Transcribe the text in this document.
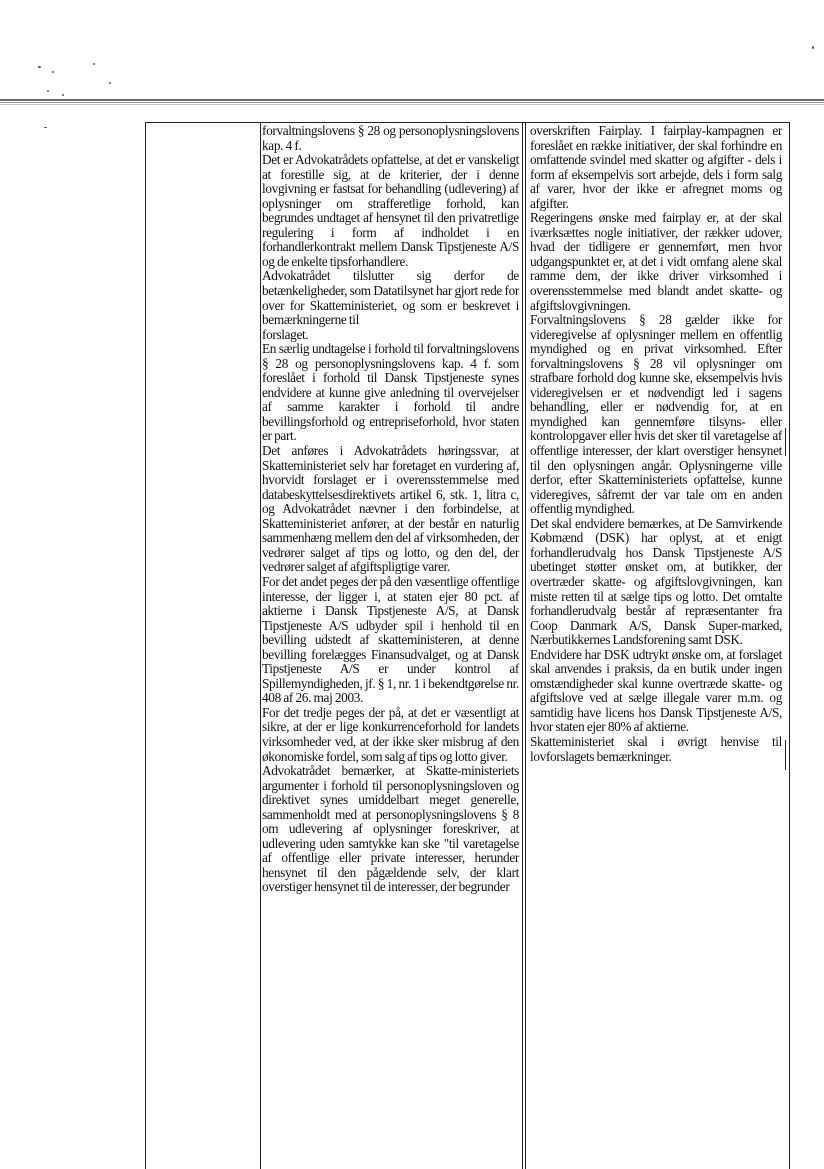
forvaltningslovens § 28 og personoplysningslovens kap. 4 f.

Det er Advokatrådets opfattelse, at det er vanskeligt at forestille sig, at de kriterier, der i denne lovgivning er fastsat for behandling (udlevering) af oplysninger om strafferetlige forhold, kan begrundes undtaget af hensynet til den privatretlige regulering i form af indholdet i en forhandlerkontrakt mellem Dansk Tipstjeneste A/S og de enkelte tipsforhandlere.

Advokatrådet tilslutter sig derfor de betænkeligheder, som Datatilsynet har gjort rede for over for Skatteministeriet, og som er beskrevet i bemærkningerne til

forslaget.

En særlig undtagelse i forhold til forvaltningslovens § 28 og personoplysningslovens kap. 4 f. som foreslået i forhold til Dansk Tipstjeneste synes endvidere at kunne give anledning til overvejelser af samme karakter i forhold til andre bevillingsforhold og entrepriseforhold, hvor staten er part.

Det anføres i Advokatrådets høringssvar, at Skatteministeriet selv har foretaget en vurdering af, hvorvidt forslaget er i overensstemmelse med databeskyttelsesdirektivets artikel 6, stk. 1, litra c, og Advokatrådet nævner i den forbindelse, at Skatteministeriet anfører, at der består en naturlig sammenhæng mellem den del af virksomheden, der vedrører salget af tips og lotto, og den del, der vedrører salget af afgiftspligtige varer.

For det andet peges der på den væsentlige offentlige interesse, der ligger i, at staten ejer 80 pct. af aktierne i Dansk Tipstjeneste A/S, at Dansk Tipstjeneste A/S udbyder spil i henhold til en bevilling udstedt af skatteministeren, at denne bevilling forelægges Finansudvalget, og at Dansk Tipstjeneste A/S er under kontrol af Spillemyndigheden, jf. § 1, nr. 1 i bekendtgørelse nr. 408 af 26. maj 2003.

For det tredje peges der på, at det er væsentligt at sikre, at der er lige konkurrenceforhold for landets virksomheder ved, at der ikke sker misbrug af den økonomiske fordel, som salg af tips og lotto giver.

Advokatrådet bemærker, at Skatte-ministeriets argumenter i forhold til personoplysningsloven og direktivet synes umiddelbart meget generelle, sammenholdt med at personoplysningslovens § 8 om udlevering af oplysninger foreskriver, at udlevering uden samtykke kan ske "til varetagelse af offentlige eller private interesser, herunder hensynet til den pågældende selv, der klart overstiger hensynet til de interesser, der begrunder

overskriften Fairplay. I fairplay-kampagnen er foreslået en række initiativer, der skal forhindre en omfattende svindel med skatter og afgifter - dels i form af eksempelvis sort arbejde, dels i form salg af varer, hvor der ikke er afregnet moms og afgifter.

Regeringens ønske med fairplay er, at der skal iværksættes nogle initiativer, der rækker udover, hvad der tidligere er gennemført, men hvor udgangspunktet er, at det i vidt omfang alene skal ramme dem, der ikke driver virksomhed i overensstemmelse med blandt andet skatte- og afgiftslovgivningen.

Forvaltningslovens § 28 gælder ikke for videregivelse af oplysninger mellem en offentlig myndighed og en privat virksomhed. Efter forvaltningslovens § 28 vil oplysninger om strafbare forhold dog kunne ske, eksempelvis hvis videregivelsen er et nødvendigt led i sagens behandling, eller er nødvendig for, at en myndighed kan gennemføre tilsyns- eller kontrolopgaver eller hvis det sker til varetagelse af offentlige interesser, der klart overstiger hensynet til den oplysningen angår. Oplysningerne ville derfor, efter Skatteministeriets opfattelse, kunne videregives, såfremt der var tale om en anden offentlig myndighed.

Det skal endvidere bemærkes, at De Samvirkende Købmænd (DSK) har oplyst, at et enigt forhandlerudvalg hos Dansk Tipstjeneste A/S ubetinget støtter ønsket om, at butikker, der overtræder skatte- og afgiftslovgivningen, kan miste retten til at sælge tips og lotto. Det omtalte forhandlerudvalg består af repræsentanter fra Coop Danmark A/S, Dansk Super-marked, Nærbutikkernes Landsforening samt DSK.

Endvidere har DSK udtrykt ønske om, at forslaget skal anvendes i praksis, da en butik under ingen omstændigheder skal kunne overtræde skatte- og afgiftslove ved at sælge illegale varer m.m. og samtidig have licens hos Dansk Tipstjeneste A/S, hvor staten ejer 80% af aktierne.

Skatteministeriet skal i øvrigt henvise til lovforslagets bemærkninger.
